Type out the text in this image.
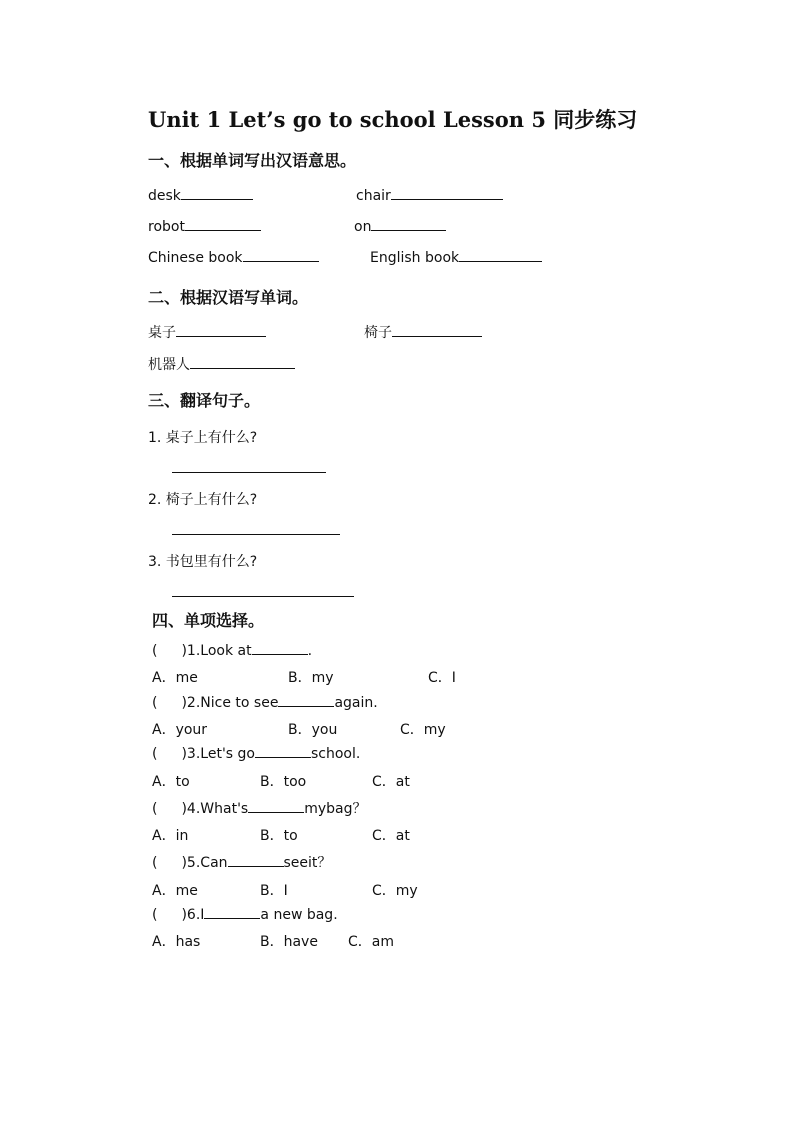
Unit 1 Let’s go to school Lesson 5 同步练习
一、根据单词写出汉语意思。
desk	chair
robot	on
Chinese book	English book
二、根据汉语写单词。
桌子	椅子
机器人
三、翻译句子。
1. 桌子上有什么?
2. 椅子上有什么?
3. 书包里有什么?
四、单项选择。
( )1.Look at	.
A．me	B．my	C．I
( )2.Nice to see	again.
A．your	B．you	C．my
( )3.Let's go	school.
A．to	B．too	C．at
( )4.What's	mybag？
A．in	B．to	C．at
( )5.Can	seeit？
A．me	B．I	C．my
( )6.I	a new bag.
A．has	B．have C．am
